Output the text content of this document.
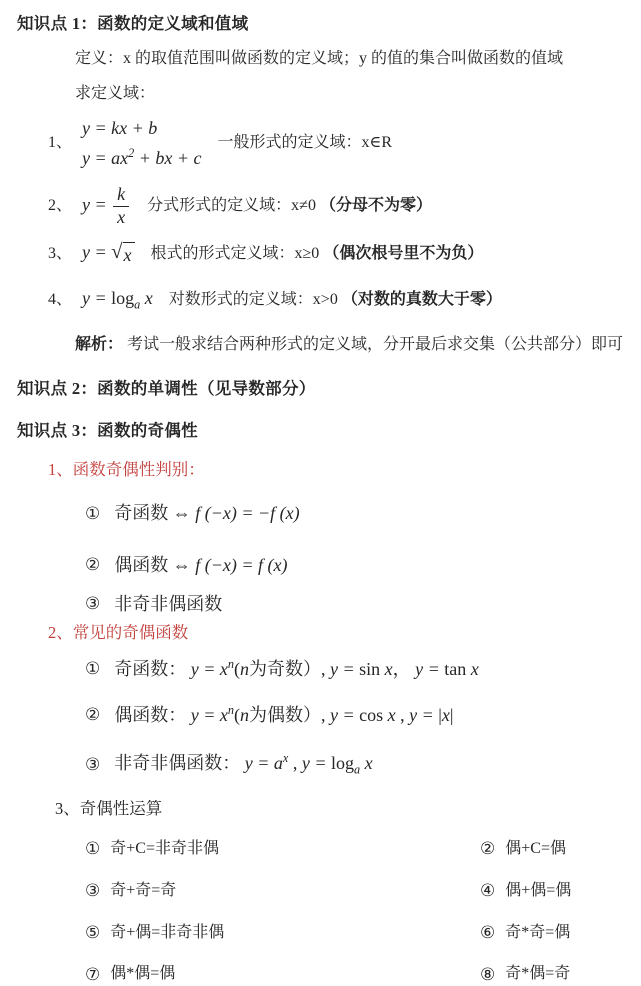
知识点 1：函数的定义域和值域

定义：x 的取值范围叫做函数的定义域；y 的值的集合叫做函数的值域

求定义域：

1、
y = kx + b
$y = ax^2$ + bx + c
一般形式的定义域：x∈R
2、 $y = \frac{k}{x}$ 分式形式的定义域：x≠0 （分母不为零）
3、 y = √ x 根式的形式定义域：x≥0 （偶次根号里不为负）
4、 $y = \log_a x$ 对数形式的定义域：x>0 （对数的真数大于零）

解析： 考试一般求结合两种形式的定义域，分开最后求交集（公共部分）即可

知识点 2：函数的单调性（见导数部分）
知识点 3：函数的奇偶性

1、函数奇偶性判别：

① 奇函数 ⇔ f (−x) = −f (x)
② 偶函数 ⇔ f (−x) = f (x)
③ 非奇非偶函数

2、常见的奇偶函数

① 奇函数： $y = x^n(n$为奇数）, y = sin x， y = tan x
② 偶函数： $y = x^n(n$为偶数）, y = cos x , y = |x|
③ 非奇非偶函数： $y = a^x$ , $y = \log_a x$

3、奇偶性运算

① 奇+C=非奇非偶	② 偶+C=偶
③ 奇+奇=奇	④ 偶+偶=偶
⑤ 奇+偶=非奇非偶	⑥ 奇*奇=偶
⑦ 偶*偶=偶	⑧ 奇*偶=奇
